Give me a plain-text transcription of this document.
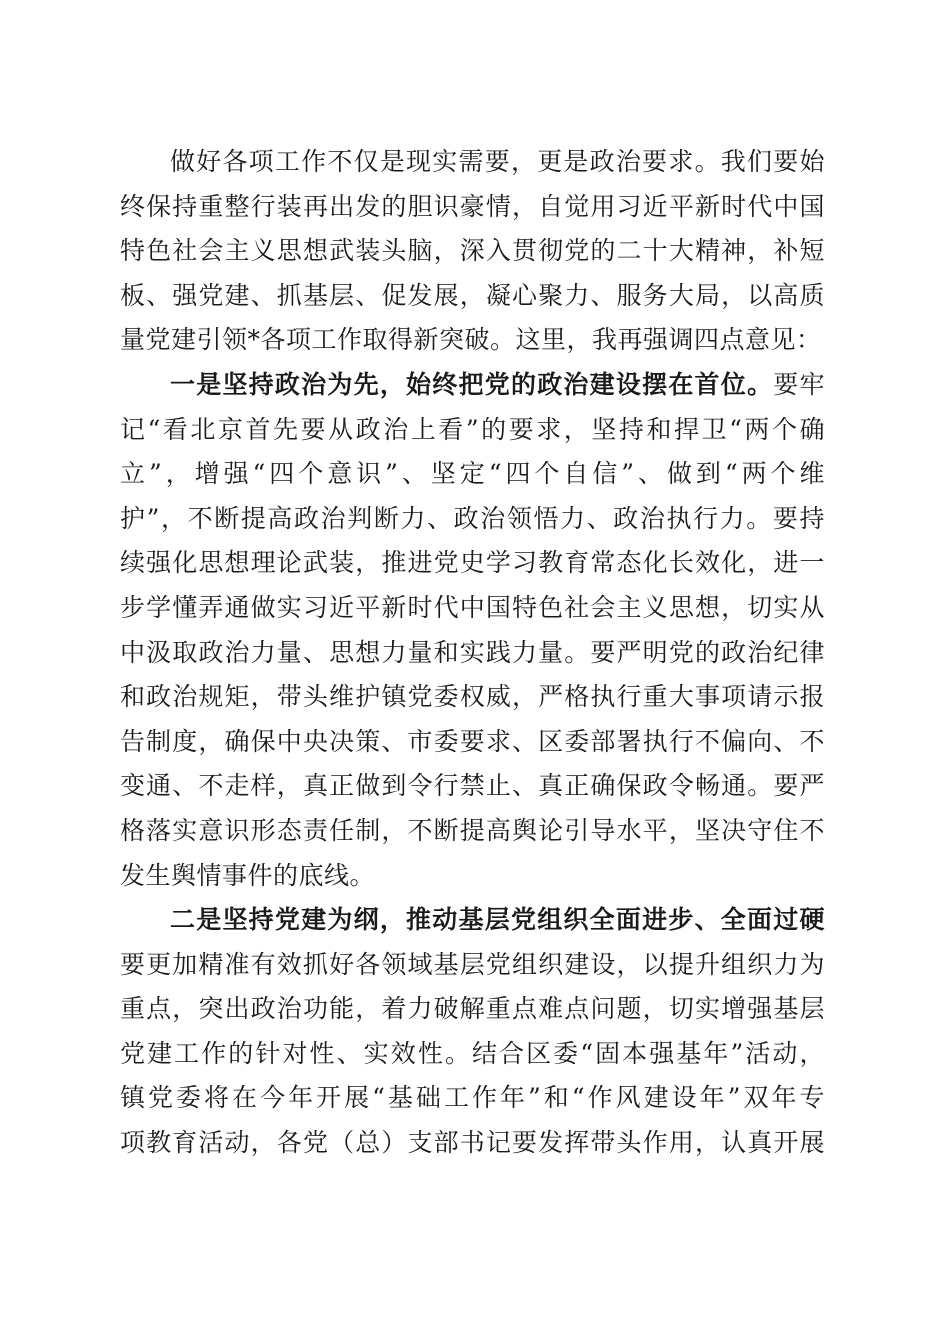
做好各项工作不仅是现实需要，更是政治要求。我们要始
终保持重整行装再出发的胆识豪情，自觉用习近平新时代中国
特色社会主义思想武装头脑，深入贯彻党的二十大精神，补短
板、强党建、抓基层、促发展，凝心聚力、服务大局，以高质
量党建引领*各项工作取得新突破。这里，我再强调四点意见：
一是坚持政治为先，始终把党的政治建设摆在首位。要牢
记“看北京首先要从政治上看”的要求，坚持和捍卫“两个确
立”，增强“四个意识”、坚定“四个自信”、做到“两个维
护”，不断提高政治判断力、政治领悟力、政治执行力。要持
续强化思想理论武装，推进党史学习教育常态化长效化，进一
步学懂弄通做实习近平新时代中国特色社会主义思想，切实从
中汲取政治力量、思想力量和实践力量。要严明党的政治纪律
和政治规矩，带头维护镇党委权威，严格执行重大事项请示报
告制度，确保中央决策、市委要求、区委部署执行不偏向、不
变通、不走样，真正做到令行禁止、真正确保政令畅通。要严
格落实意识形态责任制，不断提高舆论引导水平，坚决守住不
发生舆情事件的底线。
二是坚持党建为纲，推动基层党组织全面进步、全面过硬
要更加精准有效抓好各领域基层党组织建设，以提升组织力为
重点，突出政治功能，着力破解重点难点问题，切实增强基层
党建工作的针对性、实效性。结合区委“固本强基年”活动，
镇党委将在今年开展“基础工作年”和“作风建设年”双年专
项教育活动，各党（总）支部书记要发挥带头作用，认真开展
